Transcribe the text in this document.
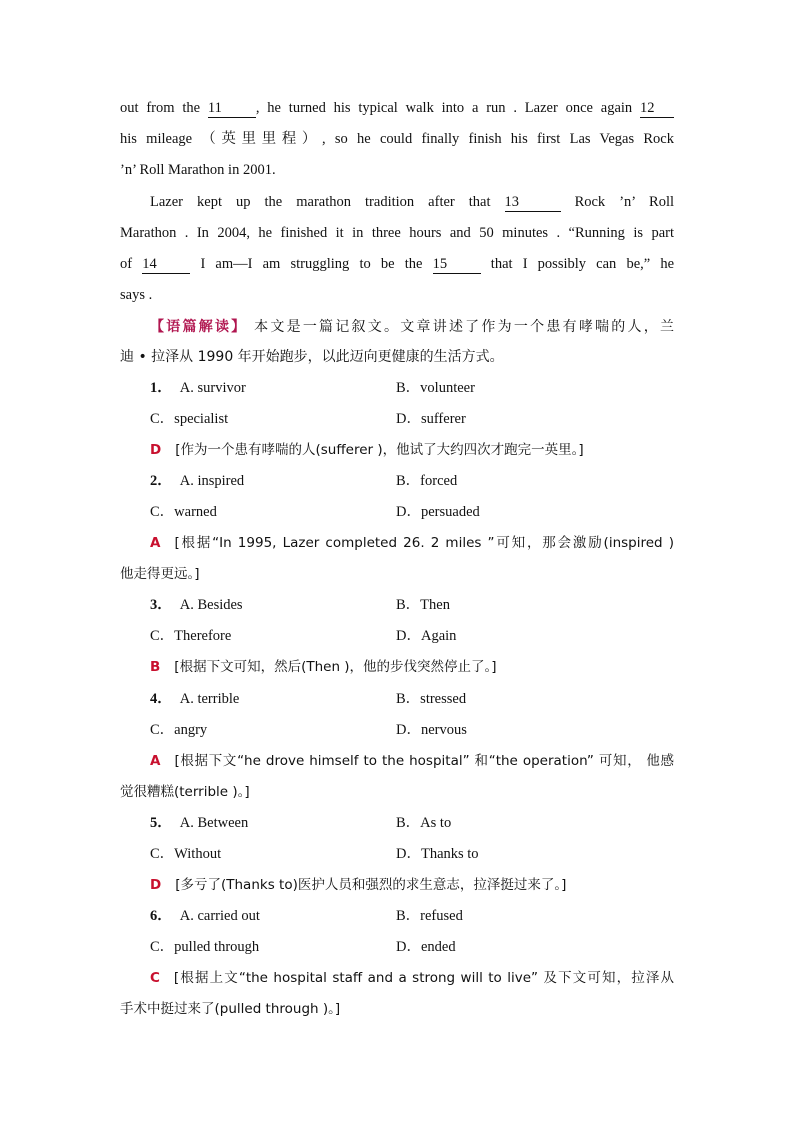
out from the 11 , he turned his typical walk into a run . Lazer once again 12
his mileage （英里里程）, so he could finally finish his first Las Vegas Rock
’n’ Roll Marathon in 2001.
Lazer kept up the marathon tradition after that 13	Rock ’n’ Roll
Marathon . In 2004, he finished it in three hours and 50 minutes . “Running is part
of 14	I am—I am struggling to be the 15	that I possibly can be,” he
says .
【语篇解读】 本文是一篇记叙文。文章讲述了作为一个患有哮喘的人，兰
迪 • 拉泽从 1990 年开始跑步，以此迈向更健康的生活方式。
1． A. survivor	B．volunteer
C．specialist	D．sufferer
D [作为一个患有哮喘的人(sufferer )，他试了大约四次才跑完一英里。]
2． A. inspired	B．forced
C．warned	D．persuaded
A [根据“In 1995, Lazer completed 26. 2 miles ”可知，那会激励(inspired )
他走得更远。]
3． A. Besides	B．Then
C．Therefore	D．Again
B [根据下文可知，然后(Then )，他的步伐突然停止了。]
4． A. terrible	B．stressed
C．angry	D．nervous
A [根据下文“he drove himself to the hospital” 和“the operation” 可知， 他感
觉很糟糕(terrible )。]
5． A. Between	B．As to
C．Without	D．Thanks to
D [多亏了(Thanks to)医护人员和强烈的求生意志，拉泽挺过来了。]
6． A. carried out	B．refused
C．pulled through	D．ended
C [根据上文“the hospital staff and a strong will to live” 及下文可知，拉泽从
手术中挺过来了(pulled through )。]
